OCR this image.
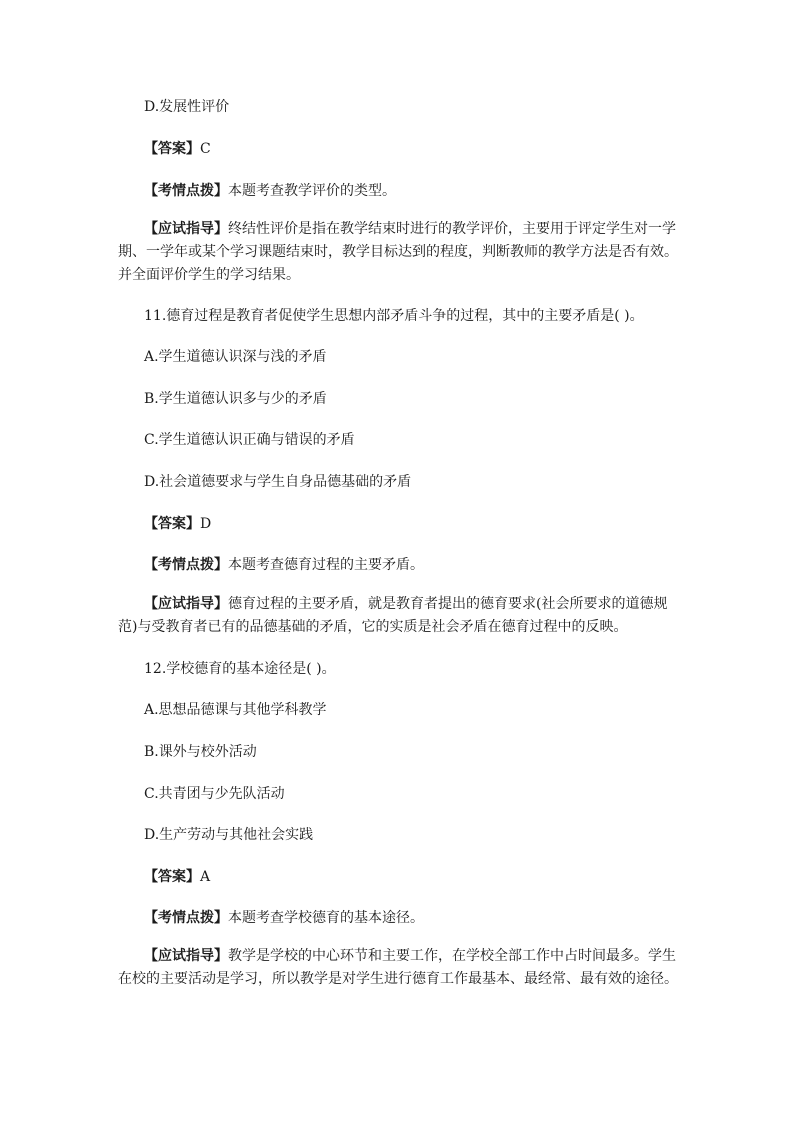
D.发展性评价
【答案】C
【考情点拨】本题考查教学评价的类型。
【应试指导】终结性评价是指在教学结束时进行的教学评价，主要用于评定学生对一学期、一学年或某个学习课题结束时，教学目标达到的程度，判断教师的教学方法是否有效。并全面评价学生的学习结果。
11.德育过程是教育者促使学生思想内部矛盾斗争的过程，其中的主要矛盾是( )。
A.学生道德认识深与浅的矛盾
B.学生道德认识多与少的矛盾
C.学生道德认识正确与错误的矛盾
D.社会道德要求与学生自身品德基础的矛盾
【答案】D
【考情点拨】本题考查德育过程的主要矛盾。
【应试指导】德育过程的主要矛盾，就是教育者提出的德育要求(社会所要求的道德规范)与受教育者已有的品德基础的矛盾，它的实质是社会矛盾在德育过程中的反映。
12.学校德育的基本途径是( )。
A.思想品德课与其他学科教学
B.课外与校外活动
C.共青团与少先队活动
D.生产劳动与其他社会实践
【答案】A
【考情点拨】本题考查学校德育的基本途径。
【应试指导】教学是学校的中心环节和主要工作，在学校全部工作中占时间最多。学生在校的主要活动是学习，所以教学是对学生进行德育工作最基本、最经常、最有效的途径。
